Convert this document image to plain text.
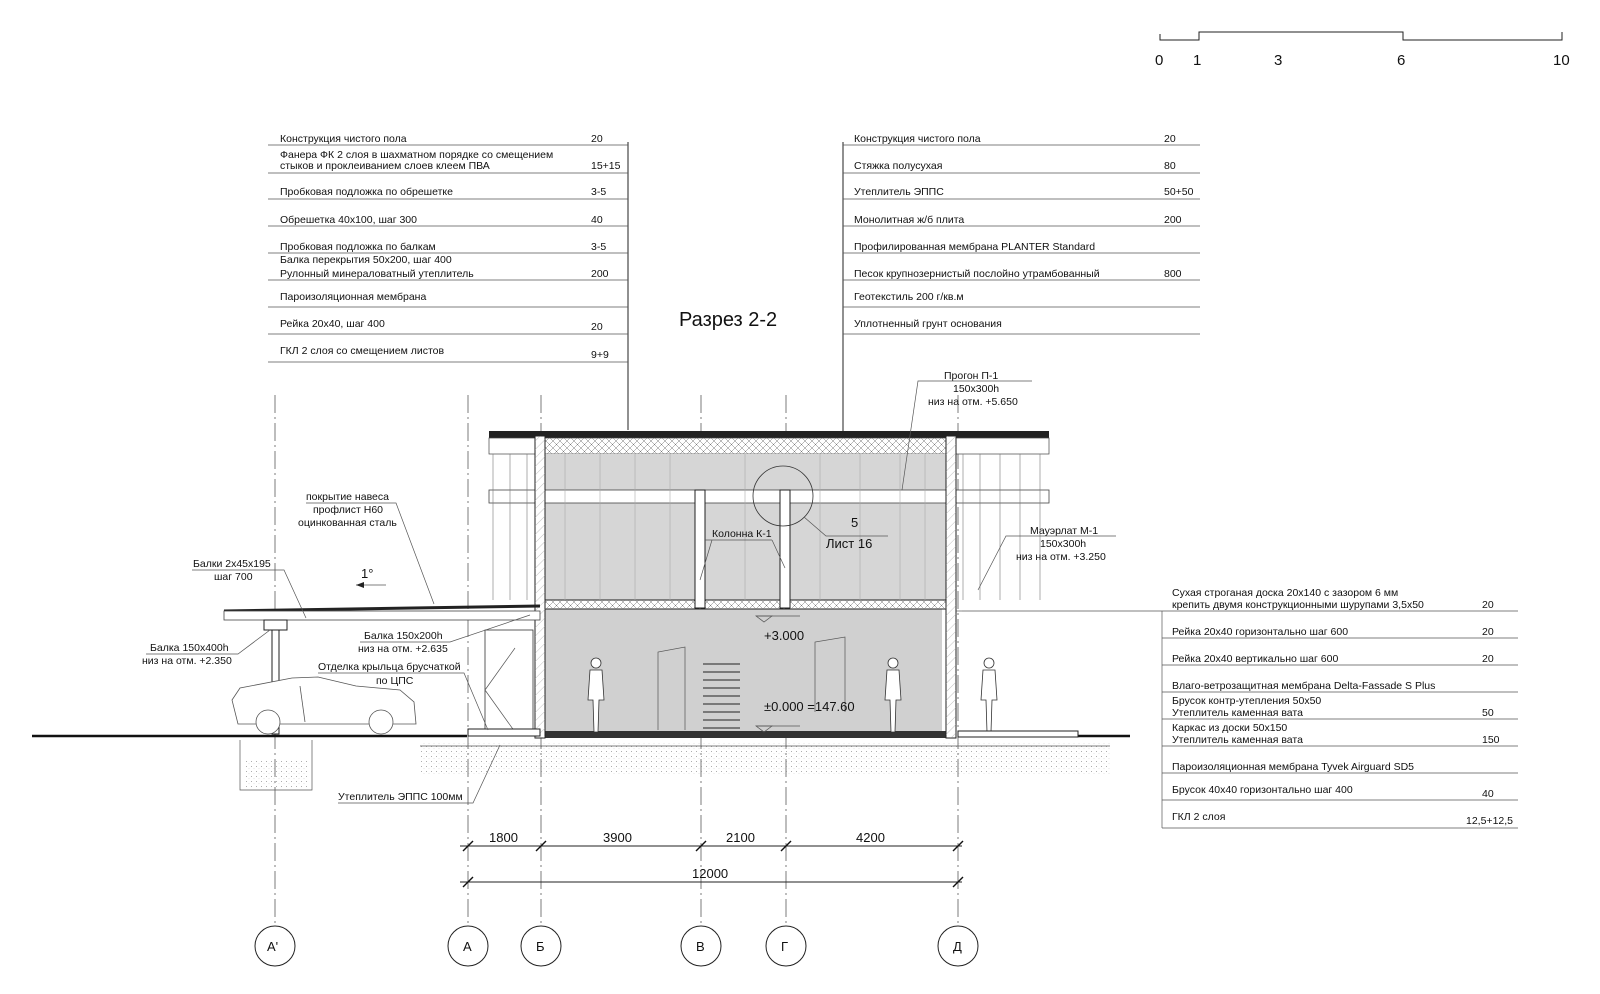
0 1	3	6	10
Разрез 2-2
Конструкция чистого пола	20
Фанера ФК 2 слоя в шахматном порядке со смещением
стыков и проклеиванием слоев клеем ПВА	15+15
Пробковая подложка по обрешетке	3-5
Обрешетка 40х100, шаг 300	40
Пробковая подложка по балкам	3-5
Балка перекрытия 50х200, шаг 400
Рулонный минераловатный утеплитель	200
Пароизоляционная мембрана
Рейка 20х40, шаг 400	20
ГКЛ 2 слоя со смещением листов	9+9
Конструкция чистого пола	20
Стяжка полусухая	80
Утеплитель ЭППС	50+50
Монолитная ж/б плита	200
Профилированная мембрана PLANTER Standard
Песок крупнозернистый послойно утрамбованный	800
Геотекстиль 200 г/кв.м
Уплотненный грунт основания
Сухая строганая доска 20х140 с зазором 6 мм
крепить двумя конструкционными шурупами 3,5х50	20
Рейка 20х40 горизонтально шаг 600	20
Рейка 20х40 вертикально шаг 600	20
Влаго-ветрозащитная мембрана Delta-Fassade S Plus
Брусок контр-утепления 50х50
Утеплитель каменная вата	50
Каркас из доски 50х150
Утеплитель каменная вата	150
Пароизоляционная мембрана Tyvek Airguard SD5
Брусок 40х40 горизонтально шаг 400	40
ГКЛ 2 слоя	12,5+12,5
Прогон П-1
150х300h
низ на отм. +5.650
Мауэрлат М-1
150х300h
низ на отм. +3.250
Колонна К-1
5
Лист 16
покрытие навеса
профлист Н60
оцинкованная сталь
Балки 2х45х195
шаг 700	1°
Балка 150х400h
низ на отм. +2.350
Балка 150х200h
низ на отм. +2.635
Отделка крыльца брусчаткой
по ЦПС
Утеплитель ЭППС 100мм
+3.000
±0.000 =147.60
1800	3900	2100	4200
12000
А'	А	Б	В	Г	Д
